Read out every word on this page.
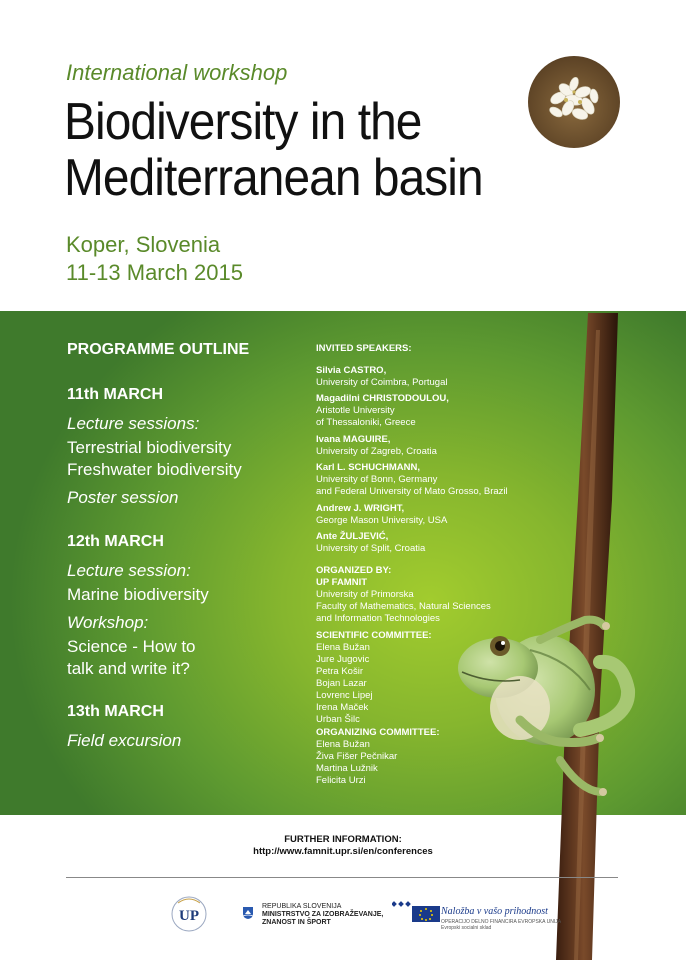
International workshop
Biodiversity in the
Mediterranean basin
Koper, Slovenia
11-13 March 2015
PROGRAMME OUTLINE
11th MARCH
Lecture sessions:
Terrestrial biodiversity
Freshwater biodiversity
Poster session
12th MARCH
Lecture session:
Marine biodiversity
Workshop:
Science - How to
talk and write it?
13th MARCH
Field excursion
INVITED SPEAKERS:
Silvia CASTRO,
University of Coimbra, Portugal
Magadilni CHRISTODOULOU,
Aristotle University
of Thessaloniki, Greece
Ivana MAGUIRE,
University of Zagreb, Croatia
Karl L. SCHUCHMANN,
University of Bonn, Germany
and Federal University of Mato Grosso, Brazil
Andrew J. WRIGHT,
George Mason University, USA
Ante ŽULJEVIĆ,
University of Split, Croatia
ORGANIZED BY:
UP FAMNIT
University of Primorska
Faculty of Mathematics, Natural Sciences
and Information Technologies
SCIENTIFIC COMMITTEE:
Elena Bužan
Jure Jugovic
Petra Košir
Bojan Lazar
Lovrenc Lipej
Irena Maček
Urban Šilc
ORGANIZING COMMITTEE:
Elena Bužan
Živa Fišer Pečnikar
Martina Lužnik
Felicita Urzi
FURTHER INFORMATION:
http://www.famnit.upr.si/en/conferences
UP
REPUBLIKA SLOVENIJA
MINISTRSTVO ZA IZOBRAŽEVANJE,
ZNANOST IN ŠPORT
Naložba v vašo prihodnost
OPERACIJO DELNO FINANCIRA EVROPSKA UNIJA
Evropski socialni sklad
